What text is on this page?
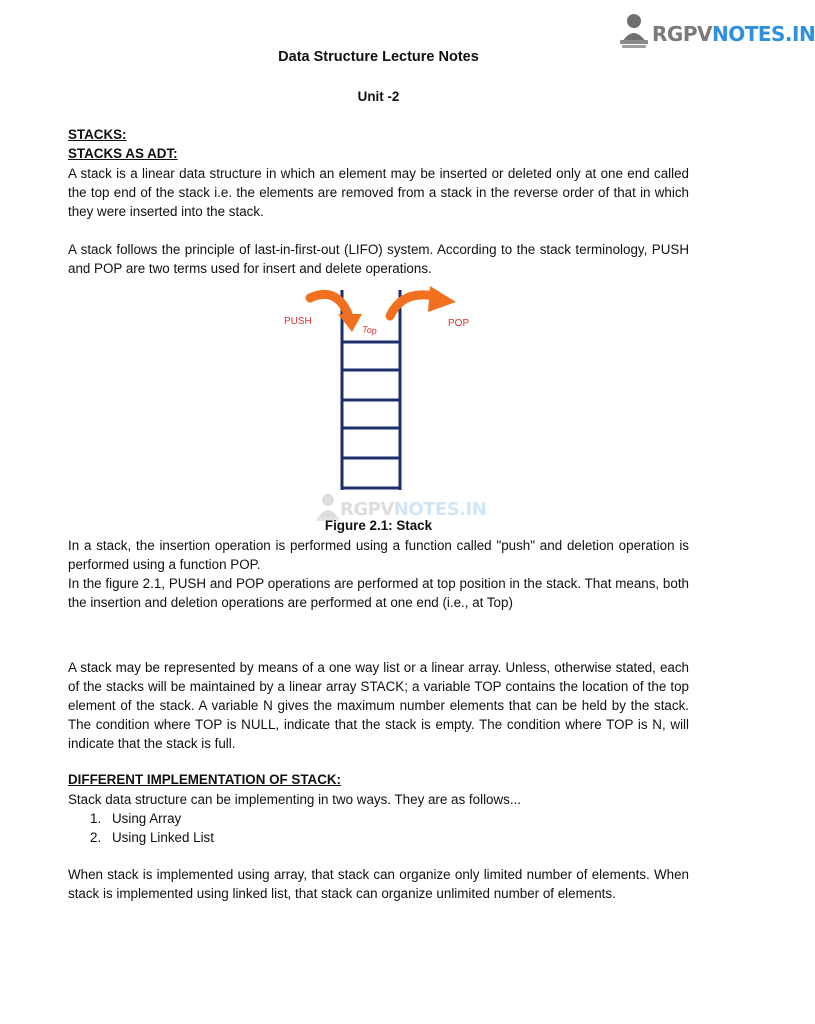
RGPVNOTES.IN
Data Structure Lecture Notes
Unit -2
STACKS:
STACKS AS ADT:

A stack is a linear data structure in which an element may be inserted or deleted only at one end called the top end of the stack i.e. the elements are removed from a stack in the reverse order of that in which they were inserted into the stack.

A stack follows the principle of last-in-first-out (LIFO) system. According to the stack terminology, PUSH and POP are two terms used for insert and delete operations.

PUSH
Top
POP
RGPVNOTES.IN
Figure 2.1: Stack

In a stack, the insertion operation is performed using a function called "push" and deletion operation is performed using a function POP.

In the figure 2.1, PUSH and POP operations are performed at top position in the stack. That means, both the insertion and deletion operations are performed at one end (i.e., at Top)

A stack may be represented by means of a one way list or a linear array. Unless, otherwise stated, each of the stacks will be maintained by a linear array STACK; a variable TOP contains the location of the top element of the stack. A variable N gives the maximum number elements that can be held by the stack. The condition where TOP is NULL, indicate that the stack is empty. The condition where TOP is N, will indicate that the stack is full.

DIFFERENT IMPLEMENTATION OF STACK:

Stack data structure can be implementing in two ways. They are as follows...

1. Using Array
2. Using Linked List

When stack is implemented using array, that stack can organize only limited number of elements. When stack is implemented using linked list, that stack can organize unlimited number of elements.
